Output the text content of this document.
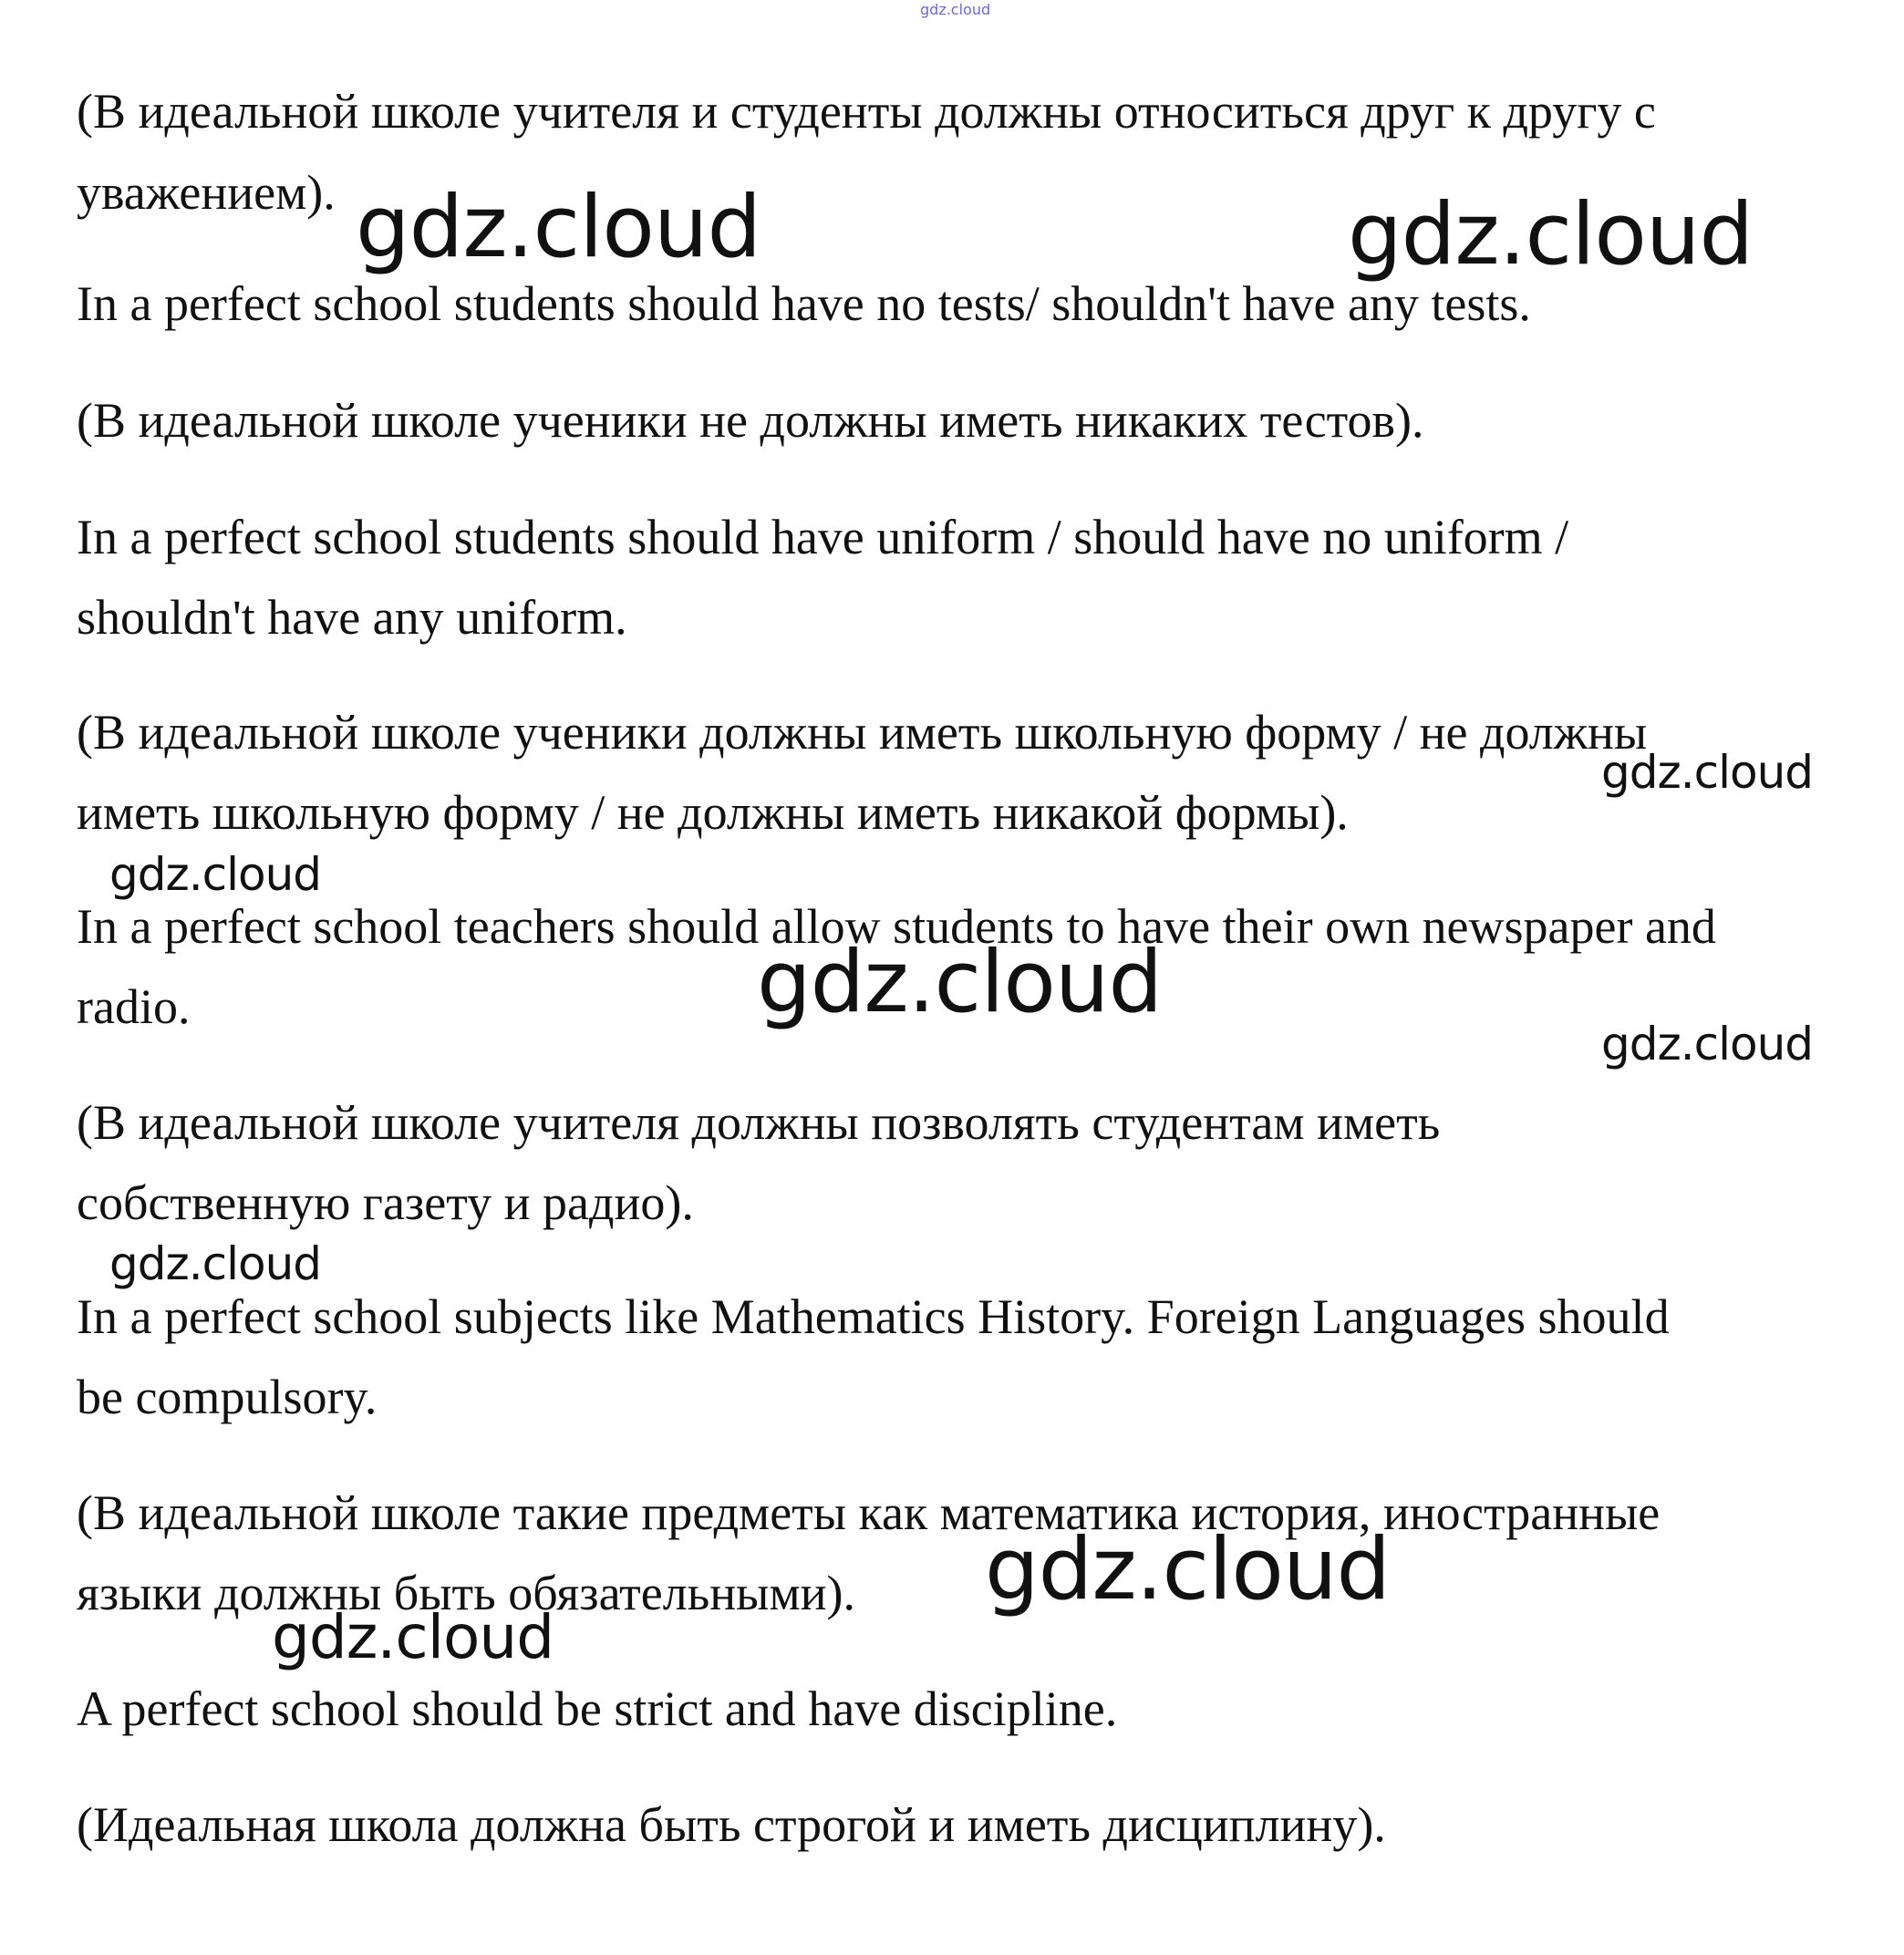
gdz.cloud

(В идеальной школе учителя и студенты должны относиться друг к другу с

уважением).

In a perfect school students should have no tests/ shouldn't have any tests.

(В идеальной школе ученики не должны иметь никаких тестов).

In a perfect school students should have uniform / should have no uniform /

shouldn't have any uniform.

(В идеальной школе ученики должны иметь школьную форму / не должны

иметь школьную форму / не должны иметь никакой формы).

In a perfect school teachers should allow students to have their own newspaper and

radio.

(В идеальной школе учителя должны позволять студентам иметь

собственную газету и радио).

In a perfect school subjects like Mathematics History. Foreign Languages should

be compulsory.

(В идеальной школе такие предметы как математика история, иностранные

языки должны быть обязательными).

A perfect school should be strict and have discipline.

(Идеальная школа должна быть строгой и иметь дисциплину).

gdz.cloud	gdz.cloud
gdz.cloud
gdz.cloud
gdz.cloud
gdz.cloud
gdz.cloud
gdz.cloud
gdz.cloud
